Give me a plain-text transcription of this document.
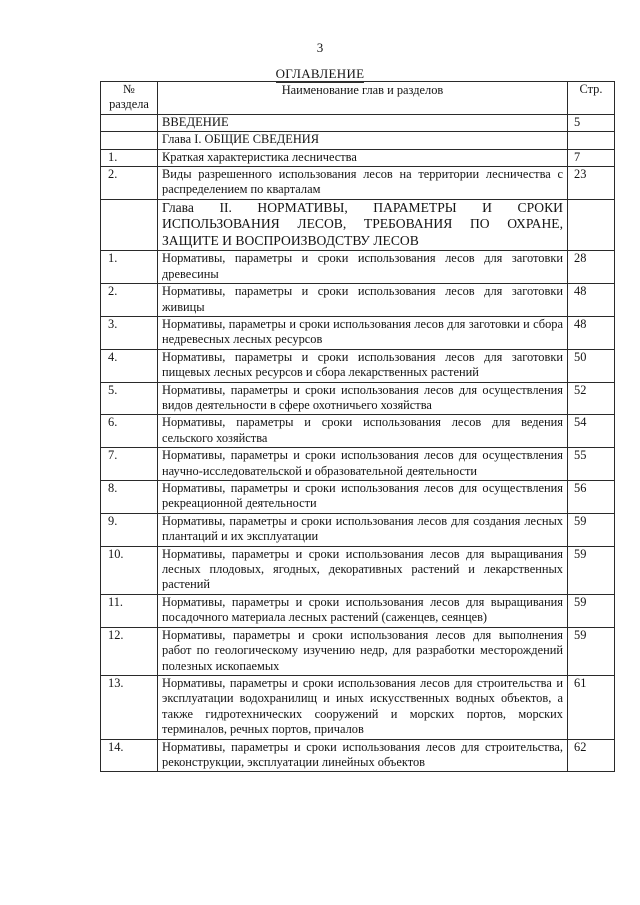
3
ОГЛАВЛЕНИЕ
№ раздела	Наименование глав и разделов	Стр.
	ВВЕДЕНИЕ	5
	Глава I. ОБЩИЕ СВЕДЕНИЯ	
1.	Краткая характеристика лесничества	7
2.	Виды разрешенного использования лесов на территории лесничества с распределением по кварталам	23
	Глава II. НОРМАТИВЫ, ПАРАМЕТРЫ И СРОКИ ИСПОЛЬЗОВАНИЯ ЛЕСОВ, ТРЕБОВАНИЯ ПО ОХРАНЕ, ЗАЩИТЕ И ВОСПРОИЗВОДСТВУ ЛЕСОВ	
1.	Нормативы, параметры и сроки использования лесов для заготовки древесины	28
2.	Нормативы, параметры и сроки использования лесов для заготовки живицы	48
3.	Нормативы, параметры и сроки использования лесов для заготовки и сбора недревесных лесных ресурсов	48
4.	Нормативы, параметры и сроки использования лесов для заготовки пищевых лесных ресурсов и сбора лекарственных растений	50
5.	Нормативы, параметры и сроки использования лесов для осуществления видов деятельности в сфере охотничьего хозяйства	52
6.	Нормативы, параметры и сроки использования лесов для ведения сельского хозяйства	54
7.	Нормативы, параметры и сроки использования лесов для осуществления научно-исследовательской и образовательной деятельности	55
8.	Нормативы, параметры и сроки использования лесов для осуществления рекреационной деятельности	56
9.	Нормативы, параметры и сроки использования лесов для создания лесных плантаций и их эксплуатации	59
10.	Нормативы, параметры и сроки использования лесов для выращивания лесных плодовых, ягодных, декоративных растений и лекарственных растений	59
11.	Нормативы, параметры и сроки использования лесов для выращивания посадочного материала лесных растений (саженцев, сеянцев)	59
12.	Нормативы, параметры и сроки использования лесов для выполнения работ по геологическому изучению недр, для разработки месторождений полезных ископаемых	59
13.	Нормативы, параметры и сроки использования лесов для строительства и эксплуатации водохранилищ и иных искусственных водных объектов, а также гидротехнических сооружений и морских портов, морских терминалов, речных портов, причалов	61
14.	Нормативы, параметры и сроки использования лесов для строительства, реконструкции, эксплуатации линейных объектов	62
